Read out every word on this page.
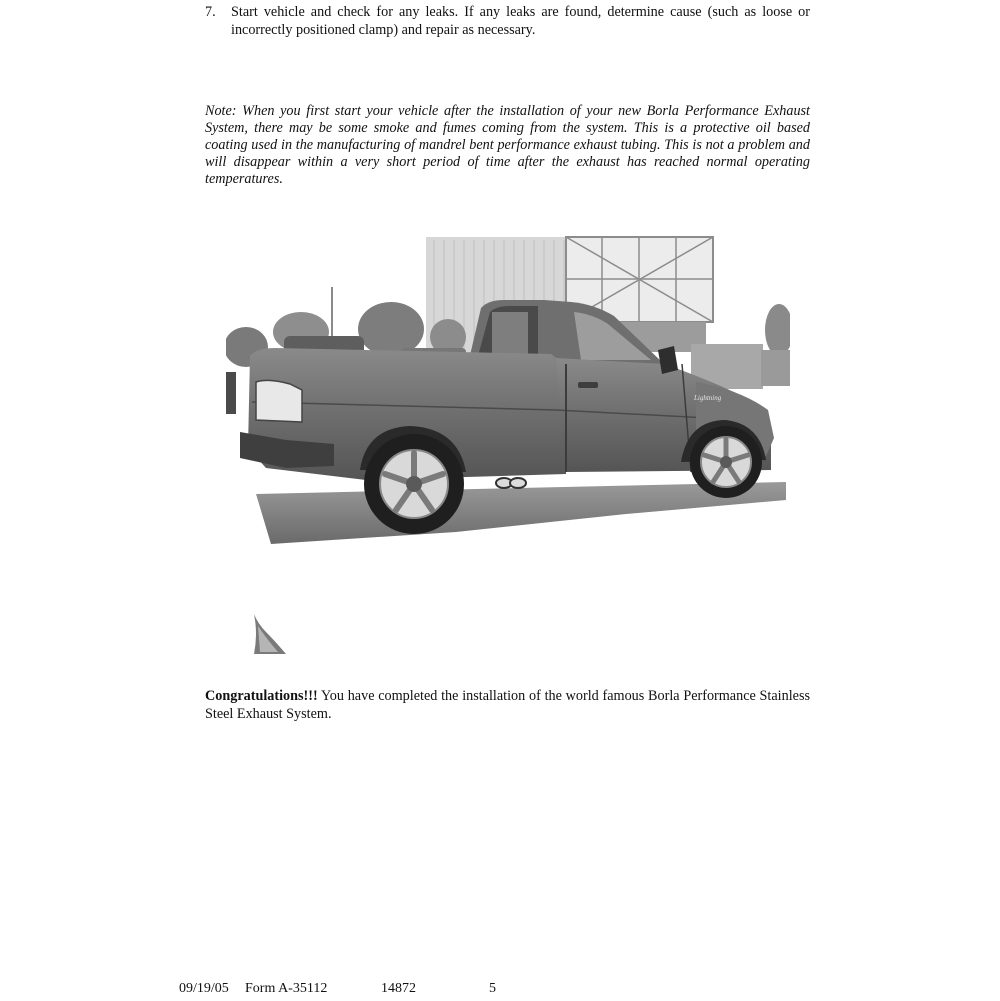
7. Start vehicle and check for any leaks. If any leaks are found, determine cause (such as loose or incorrectly positioned clamp) and repair as necessary.
Note: When you first start your vehicle after the installation of your new Borla Performance Exhaust System, there may be some smoke and fumes coming from the system. This is a protective oil based coating used in the manufacturing of mandrel bent performance exhaust tubing. This is not a problem and will disappear within a very short period of time after the exhaust has reached normal operating temperatures.
Lightning
Congratulations!!! You have completed the installation of the world famous Borla Performance Stainless Steel Exhaust System.
09/19/05 Form A-35112	14872	5
